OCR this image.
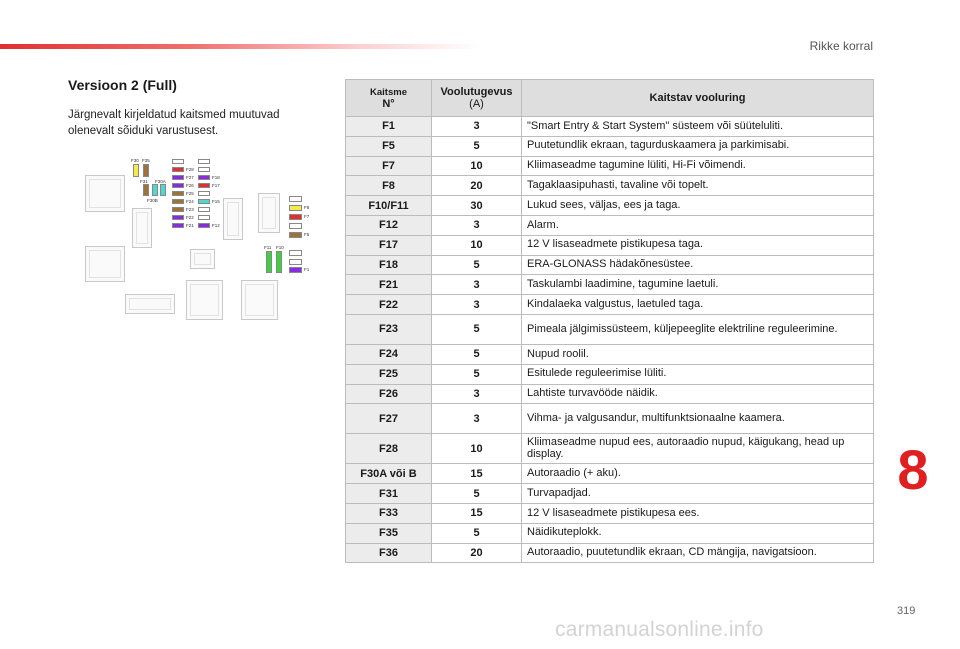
Rikke korral
Versioon 2 (Full)
Järgnevalt kirjeldatud kaitsmed muutuvad olenevalt sõiduki varustusest.
F30 F35
F31 F30A
F30B
F28
F27
F26
F25
F24
F23
F22
F21
F18
F17
F15
F12
F8
F7
F5
F1
F11 F10
Kaitsme
N°	Voolutugevus
(A)	Kaitstav vooluring
F1	3	"Smart Entry & Start System" süsteem või süüteluliti.
F5	5	Puutetundlik ekraan, tagurduskaamera ja parkimisabi.
F7	10	Kliimaseadme tagumine lüliti, Hi-Fi võimendi.
F8	20	Tagaklaasipuhasti, tavaline või topelt.
F10/F11	30	Lukud sees, väljas, ees ja taga.
F12	3	Alarm.
F17	10	12 V lisaseadmete pistikupesa taga.
F18	5	ERA-GLONASS hädakõnesüstee.
F21	3	Taskulambi laadimine, tagumine laetuli.
F22	3	Kindalaeka valgustus, laetuled taga.
F23	5	Pimeala jälgimissüsteem, küljepeeglite elektriline reguleerimine.
F24	5	Nupud roolil.
F25	5	Esitulede reguleerimise lüliti.
F26	3	Lahtiste turvavööde näidik.
F27	3	Vihma- ja valgusandur, multifunktsionaalne kaamera.
F28	10	Kliimaseadme nupud ees, autoraadio nupud, käigukang, head up display.
F30A või B	15	Autoraadio (+ aku).
F31	5	Turvapadjad.
F33	15	12 V lisaseadmete pistikupesa ees.
F35	5	Näidikuteplokk.
F36	20	Autoraadio, puutetundlik ekraan, CD mängija, navigatsioon.
8
319
carmanualsonline.info
